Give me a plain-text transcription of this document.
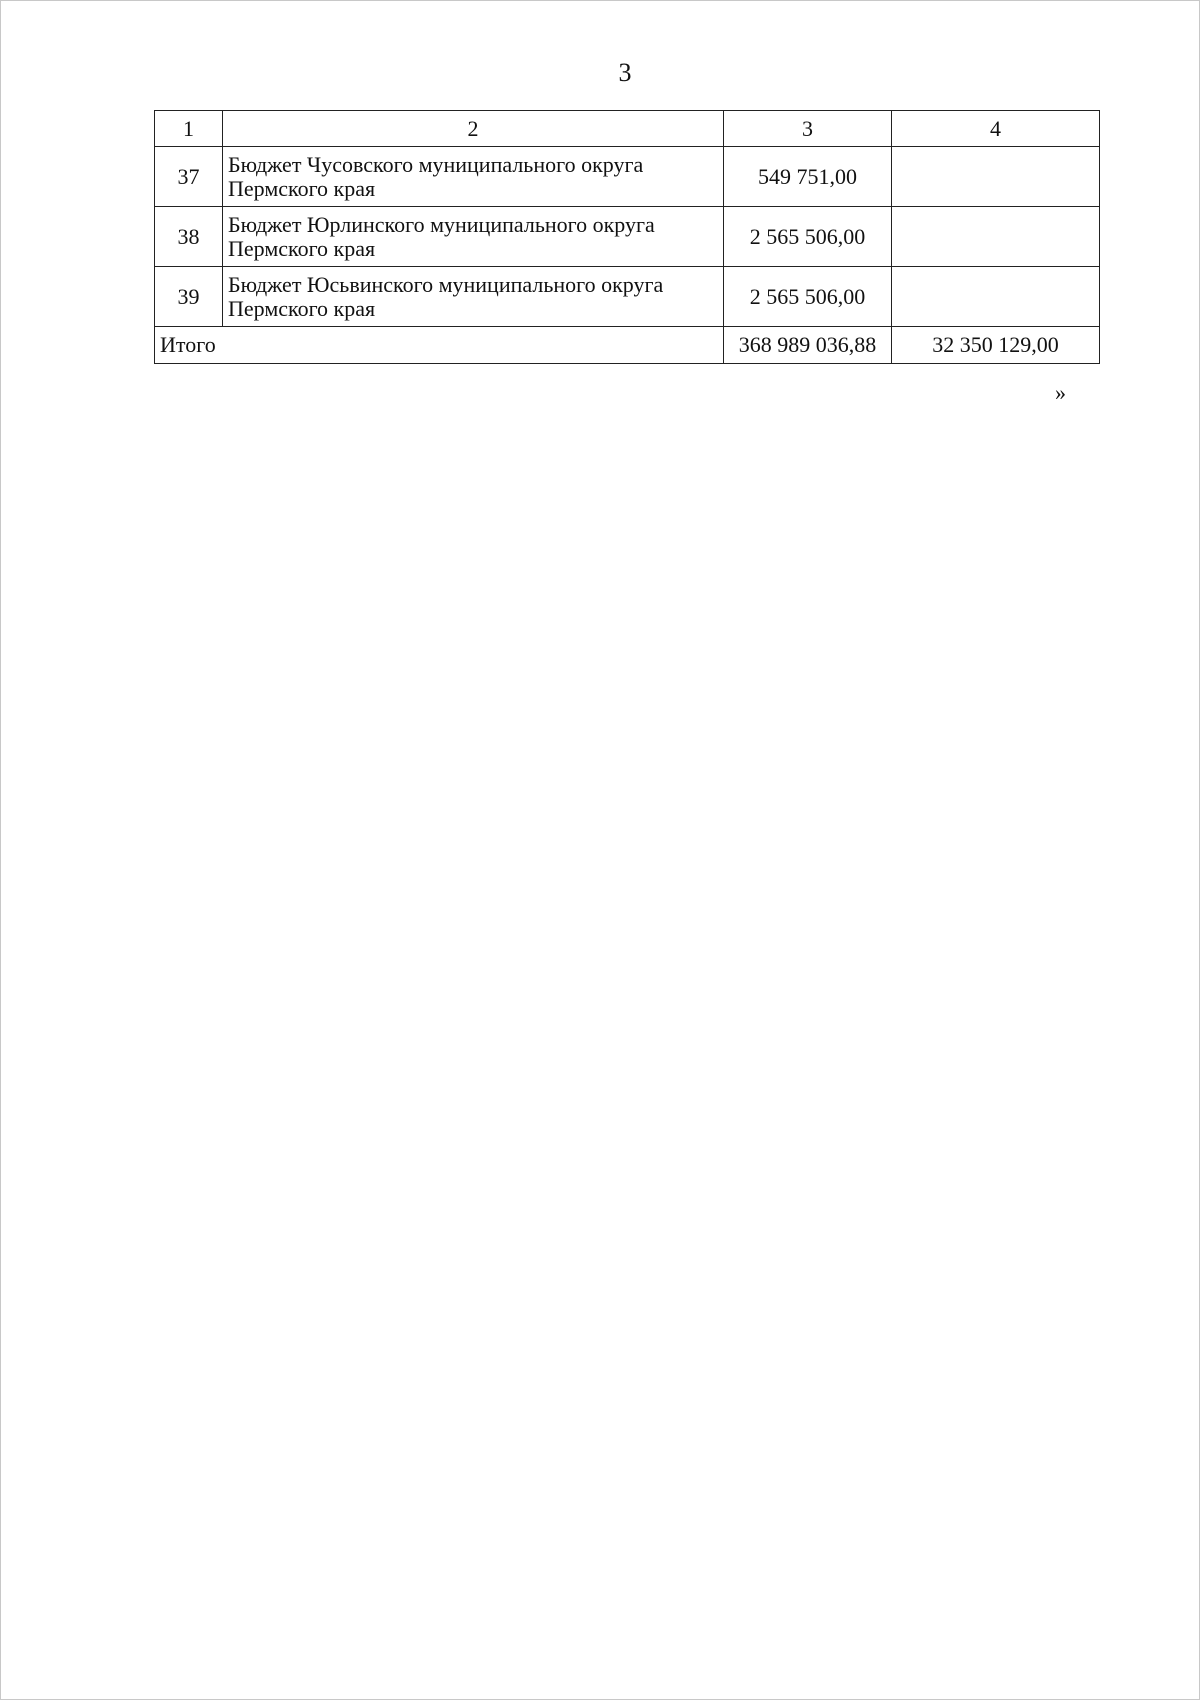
3
1	2	3	4
37	Бюджет Чусовского муниципального округа Пермского края	549 751,00	
38	Бюджет Юрлинского муниципального округа Пермского края	2 565 506,00	
39	Бюджет Юсьвинского муниципального округа Пермского края	2 565 506,00	
Итого		368 989 036,88	32 350 129,00
»
